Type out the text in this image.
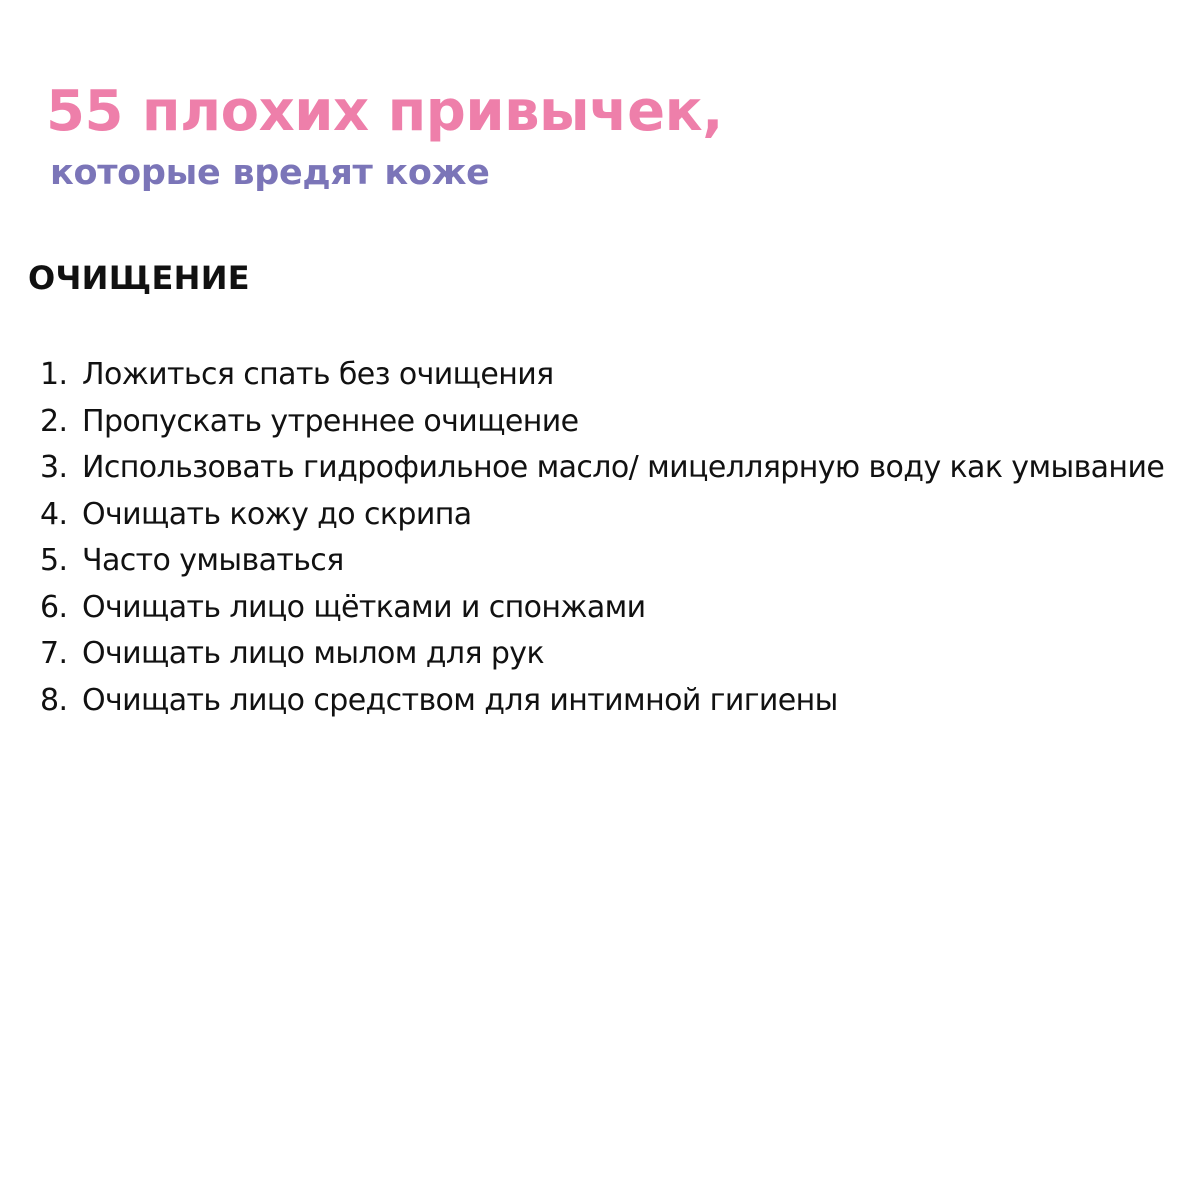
55 плохих привычек,
которые вредят коже
ОЧИЩЕНИЕ
1. Ложиться спать без очищения
2. Пропускать утреннее очищение
3. Использовать гидрофильное масло/ мицеллярную воду как умывание
4. Очищать кожу до скрипа
5. Часто умываться
6. Очищать лицо щётками и спонжами
7. Очищать лицо мылом для рук
8. Очищать лицо средством для интимной гигиены
